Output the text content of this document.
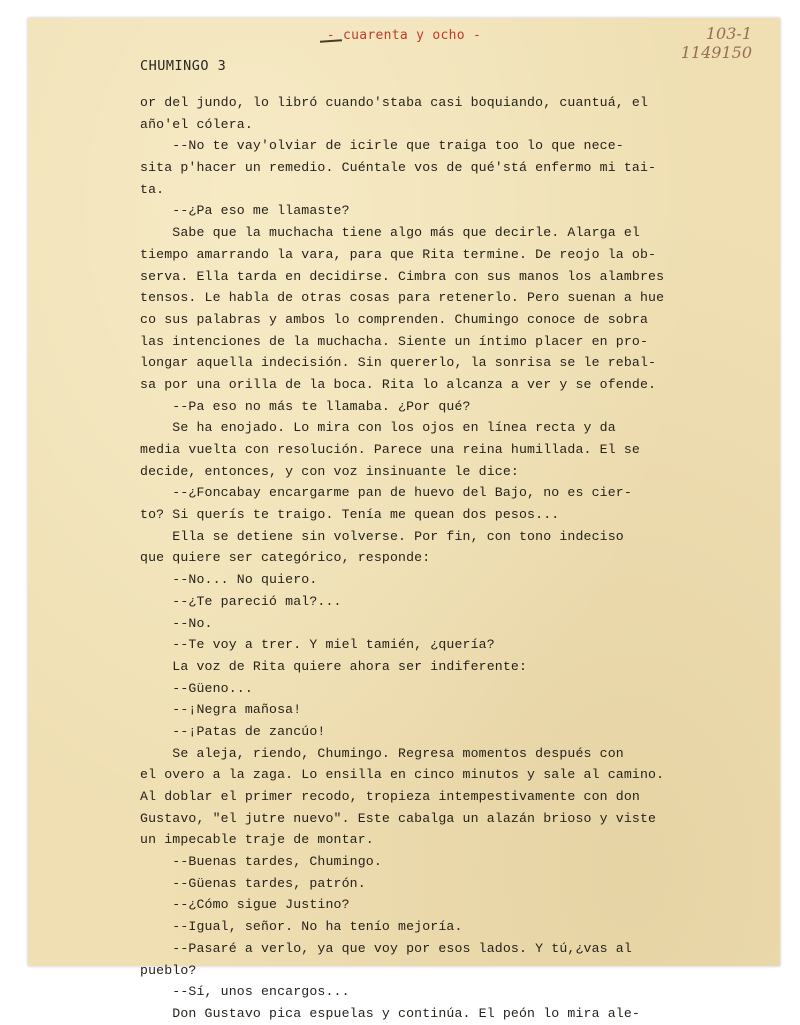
- cuarenta y ocho -	103-1
1149150
CHUMINGO 3
or del jundo, lo libró cuando'staba casi boquiando, cuantuá, el
año'el cólera.
--No te vay'olviar de icirle que traiga too lo que nece-
sita p'hacer un remedio. Cuéntale vos de qué'stá enfermo mi tai-
ta.
--¿Pa eso me llamaste?
Sabe que la muchacha tiene algo más que decirle. Alarga el
tiempo amarrando la vara, para que Rita termine. De reojo la ob-
serva. Ella tarda en decidirse. Cimbra con sus manos los alambres
tensos. Le habla de otras cosas para retenerlo. Pero suenan a hue
co sus palabras y ambos lo comprenden. Chumingo conoce de sobra
las intenciones de la muchacha. Siente un íntimo placer en pro-
longar aquella indecisión. Sin quererlo, la sonrisa se le rebal-
sa por una orilla de la boca. Rita lo alcanza a ver y se ofende.
--Pa eso no más te llamaba. ¿Por qué?
Se ha enojado. Lo mira con los ojos en línea recta y da
media vuelta con resolución. Parece una reina humillada. El se
decide, entonces, y con voz insinuante le dice:
--¿Foncabay encargarme pan de huevo del Bajo, no es cier-
to? Si querís te traigo. Tenía me quean dos pesos...
Ella se detiene sin volverse. Por fin, con tono indeciso
que quiere ser categórico, responde:
--No... No quiero.
--¿Te pareció mal?...
--No.
--Te voy a trer. Y miel tamién, ¿quería?
La voz de Rita quiere ahora ser indiferente:
--Güeno...
--¡Negra mañosa!
--¡Patas de zancúo!
Se aleja, riendo, Chumingo. Regresa momentos después con
el overo a la zaga. Lo ensilla en cinco minutos y sale al camino.
Al doblar el primer recodo, tropieza intempestivamente con don
Gustavo, "el jutre nuevo". Este cabalga un alazán brioso y viste
un impecable traje de montar.
--Buenas tardes, Chumingo.
--Güenas tardes, patrón.
--¿Cómo sigue Justino?
--Igual, señor. No ha tenío mejoría.
--Pasaré a verlo, ya que voy por esos lados. Y tú,¿vas al
pueblo?
--Sí, unos encargos...
Don Gustavo pica espuelas y continúa. El peón lo mira ale-
